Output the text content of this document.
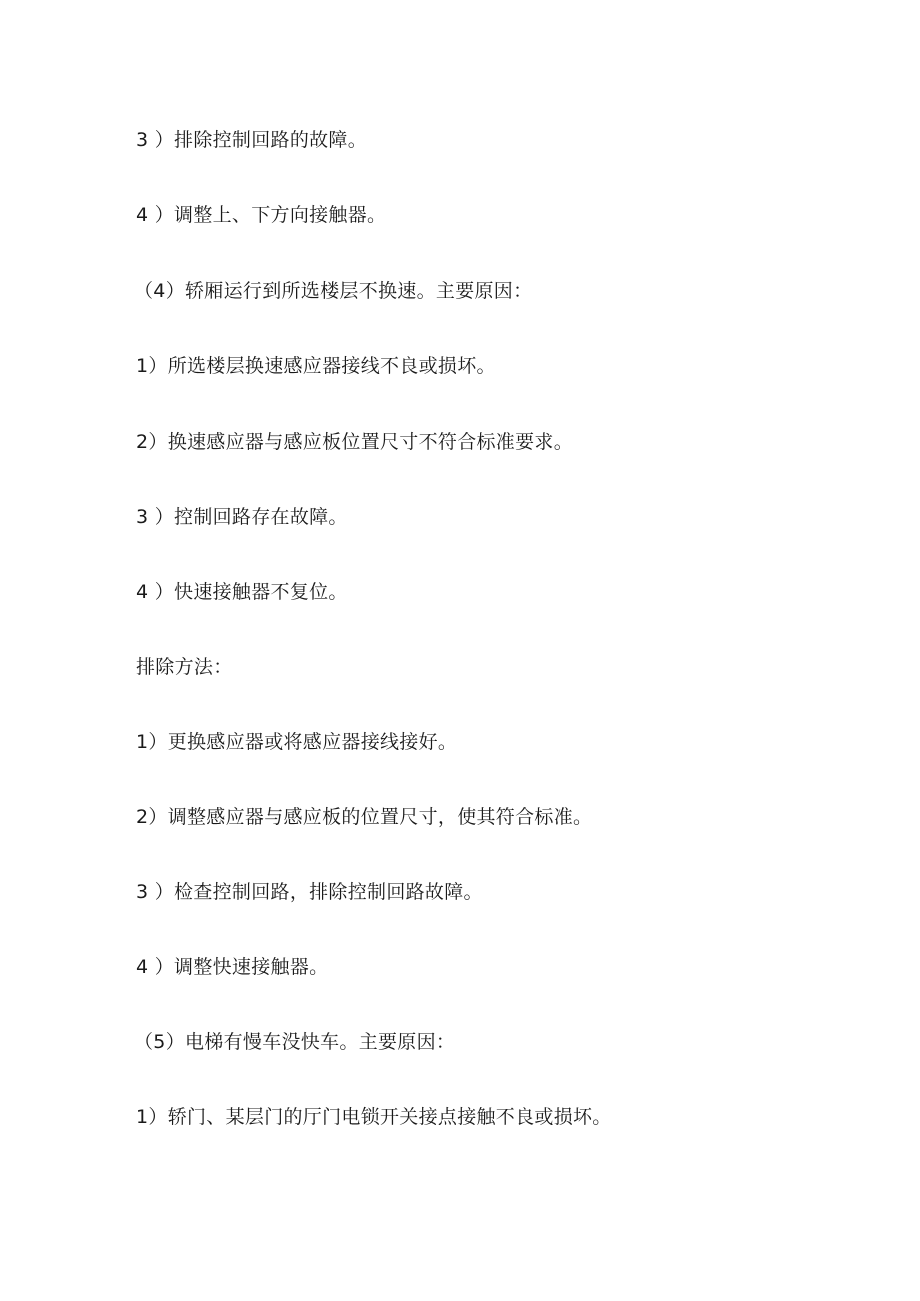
3 ）排除控制回路的故障。
4 ）调整上、下方向接触器。
（4）轿厢运行到所选楼层不换速。主要原因：
1）所选楼层换速感应器接线不良或损坏。
2）换速感应器与感应板位置尺寸不符合标准要求。
3 ）控制回路存在故障。
4 ）快速接触器不复位。
排除方法：
1）更换感应器或将感应器接线接好。
2）调整感应器与感应板的位置尺寸，使其符合标准。
3 ）检查控制回路，排除控制回路故障。
4 ）调整快速接触器。
（5）电梯有慢车没快车。主要原因：
1）轿门、某层门的厅门电锁开关接点接触不良或损坏。
